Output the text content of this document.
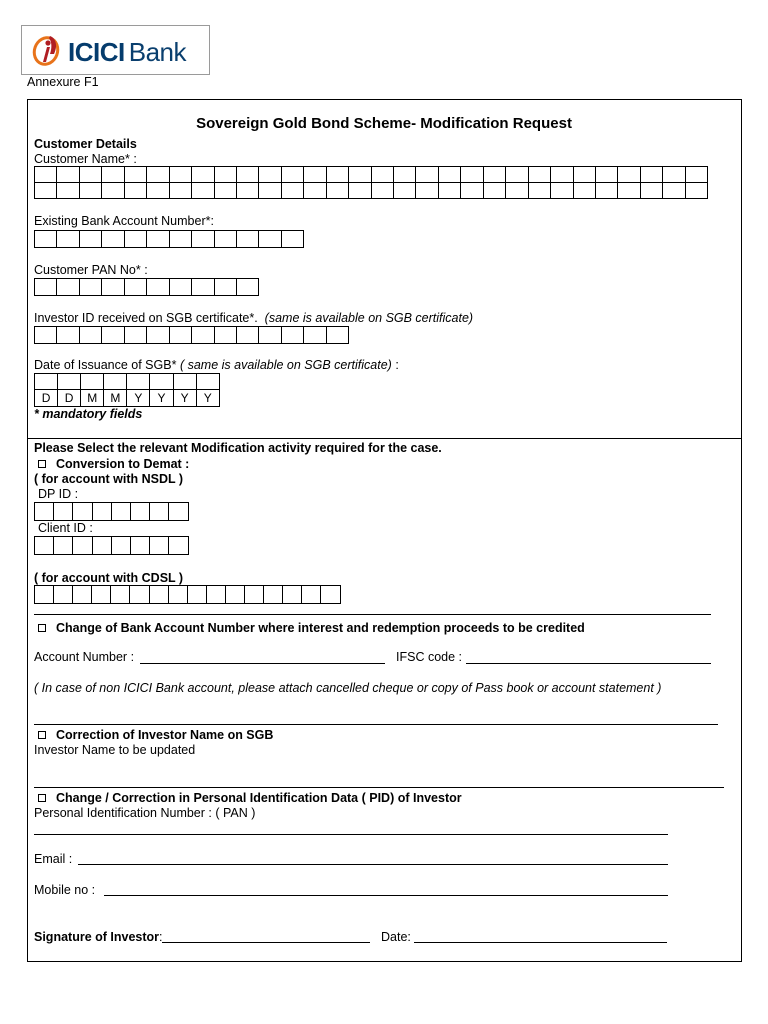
ICICI Bank
Annexure F1
Sovereign Gold Bond Scheme- Modification Request
Customer Details
Customer Name* :

Existing Bank Account Number*:

Customer PAN No* :

Investor ID received on SGB certificate*. (same is available on SGB certificate)

Date of Issuance of SGB* ( same is available on SGB certificate) :

D	D	M	M	Y	Y	Y	Y
* mandatory fields
Please Select the relevant Modification activity required for the case.
Conversion to Demat :
( for account with NSDL )
DP ID :

Client ID :

( for account with CDSL )

Change of Bank Account Number where interest and redemption proceeds to be credited
Account Number :	IFSC code :
( In case of non ICICI Bank account, please attach cancelled cheque or copy of Pass book or account statement )
Correction of Investor Name on SGB
Investor Name to be updated
Change / Correction in Personal Identification Data ( PID) of Investor
Personal Identification Number : ( PAN )
Email :
Mobile no :
Signature of Investor:	Date:
